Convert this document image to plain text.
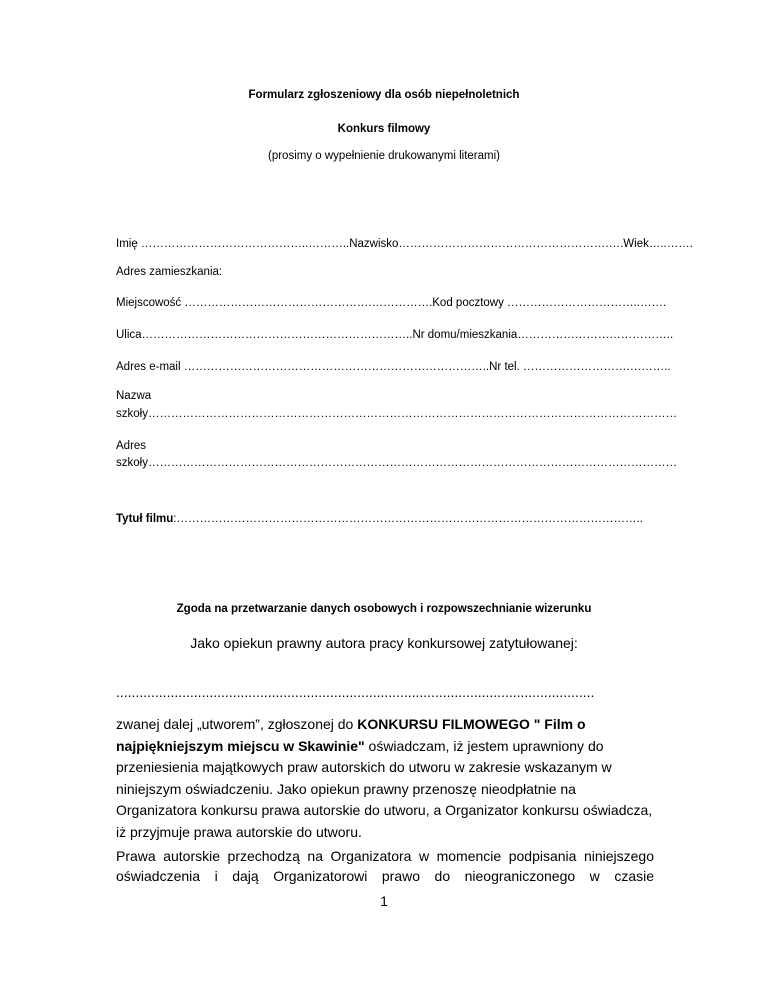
Formularz zgłoszeniowy dla osób niepełnoletnich
Konkurs filmowy
(prosimy o wypełnienie drukowanymi literami)
Imię ……………………………………..………..Nazwisko……………………………………………….….Wiek…..…….
Adres zamieszkania:
Miejscowość ………………………………………….…………….Kod pocztowy ……………………………..…….
Ulica……………………………………………………………..Nr domu/mieszkania…………………………………..
Adres e-mail ……………………………………………………………………..Nr tel. ……………………….………..
Nazwa
szkoły…………………………………………………………………………………………………………………………
Adres
szkoły…………………………………………………………………………………………………………………………
Tytuł filmu:…………………………………………………………………………………………………………..
Zgoda na przetwarzanie danych osobowych i rozpowszechnianie wizerunku
Jako opiekun prawny autora pracy konkursowej zatytułowanej:
...........................................................................................................................
zwanej dalej „utworem”, zgłoszonej do KONKURSU FILMOWEGO " Film o najpiękniejszym miejscu w Skawinie" oświadczam, iż jestem uprawniony do przeniesienia majątkowych praw autorskich do utworu w zakresie wskazanym w niniejszym oświadczeniu. Jako opiekun prawny przenoszę nieodpłatnie na Organizatora konkursu prawa autorskie do utworu, a Organizator konkursu oświadcza, iż przyjmuje prawa autorskie do utworu.
Prawa autorskie przechodzą na Organizatora w momencie podpisania niniejszego
oświadczenia i dają Organizatorowi prawo do nieograniczonego w czasie
1
